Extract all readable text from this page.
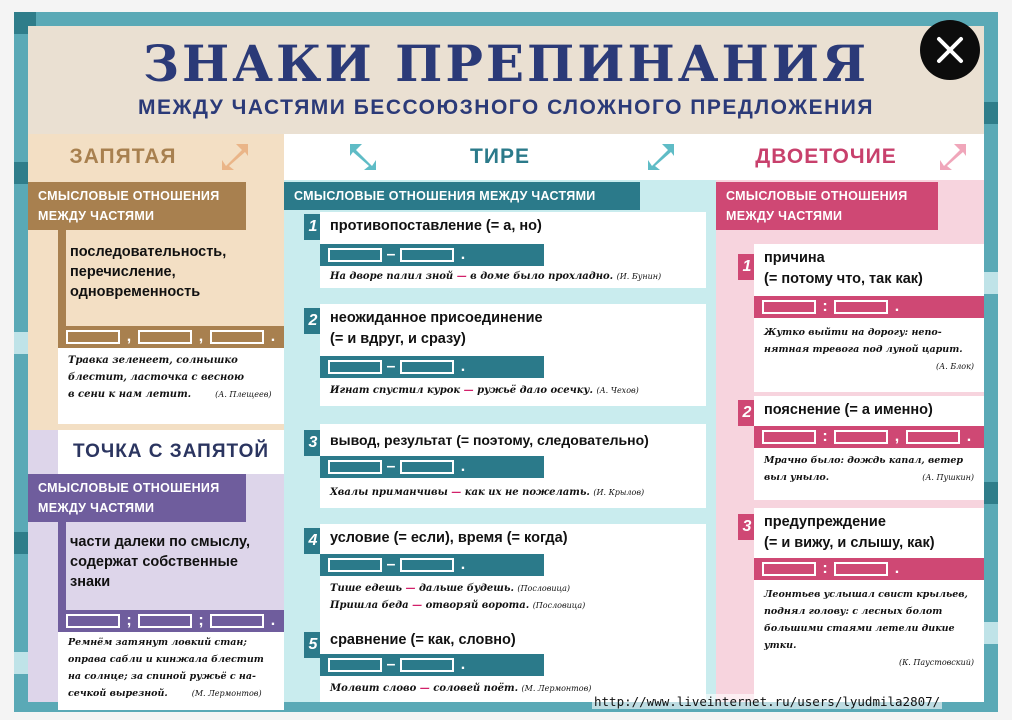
ЗНАКИ ПРЕПИНАНИЯ
МЕЖДУ ЧАСТЯМИ БЕССОЮЗНОГО СЛОЖНОГО ПРЕДЛОЖЕНИЯ
ЗАПЯТАЯ
СМЫСЛОВЫЕ ОТНОШЕНИЯ
МЕЖДУ ЧАСТЯМИ
последовательность,
перечисление,
одновременность
,	,	.
Травка зеленеет, солнышко
блестит, ласточка с весною
в сени к нам летит.	(А. Плещеев)
ТОЧКА С ЗАПЯТОЙ
СМЫСЛОВЫЕ ОТНОШЕНИЯ
МЕЖДУ ЧАСТЯМИ
части далеки по смыслу,
содержат собственные
знаки
;	;	.
Ремнём затянут ловкий стан;
оправа сабли и кинжала блестит
на солнце; за спиной ружьё с на-
сечкой вырезной.	(М. Лермонтов)
ТИРЕ
СМЫСЛОВЫЕ ОТНОШЕНИЯ МЕЖДУ ЧАСТЯМИ
1 противопоставление (= а, но)
–	.
На дворе палил зной — в доме было прохладно. (И. Бунин)
2 неожиданное присоединение
(= и вдруг, и сразу)
–	.
Игнат спустил курок — ружьё дало осечку. (А. Чехов)
3 вывод, результат (= поэтому, следовательно)
–	.
Хвалы приманчивы — как их не пожелать. (И. Крылов)
4 условие (= если), время (= когда)
–	.
Тише едешь — дальше будешь. (Пословица)
Пришла беда — отворяй ворота. (Пословица)
5 сравнение (= как, словно)
–	.
Молвит слово — соловей поёт. (М. Лермонтов)
ДВОЕТОЧИЕ
СМЫСЛОВЫЕ ОТНОШЕНИЯ
МЕЖДУ ЧАСТЯМИ
1 причина
(= потому что, так как)
:	.
Жутко выйти на дорогу: непо-
нятная тревога под луной царит.
(А. Блок)
2 пояснение (= а именно)
:	,	.
Мрачно было: дождь капал, ветер
выл уныло.	(А. Пушкин)
3 предупреждение
(= и вижу, и слышу, как)
:	.
Леонтьев услышал свист крыльев,
поднял голову: с лесных болот
большими стаями летели дикие
утки.
(К. Паустовский)
http://www.liveinternet.ru/users/lyudmila2807/
